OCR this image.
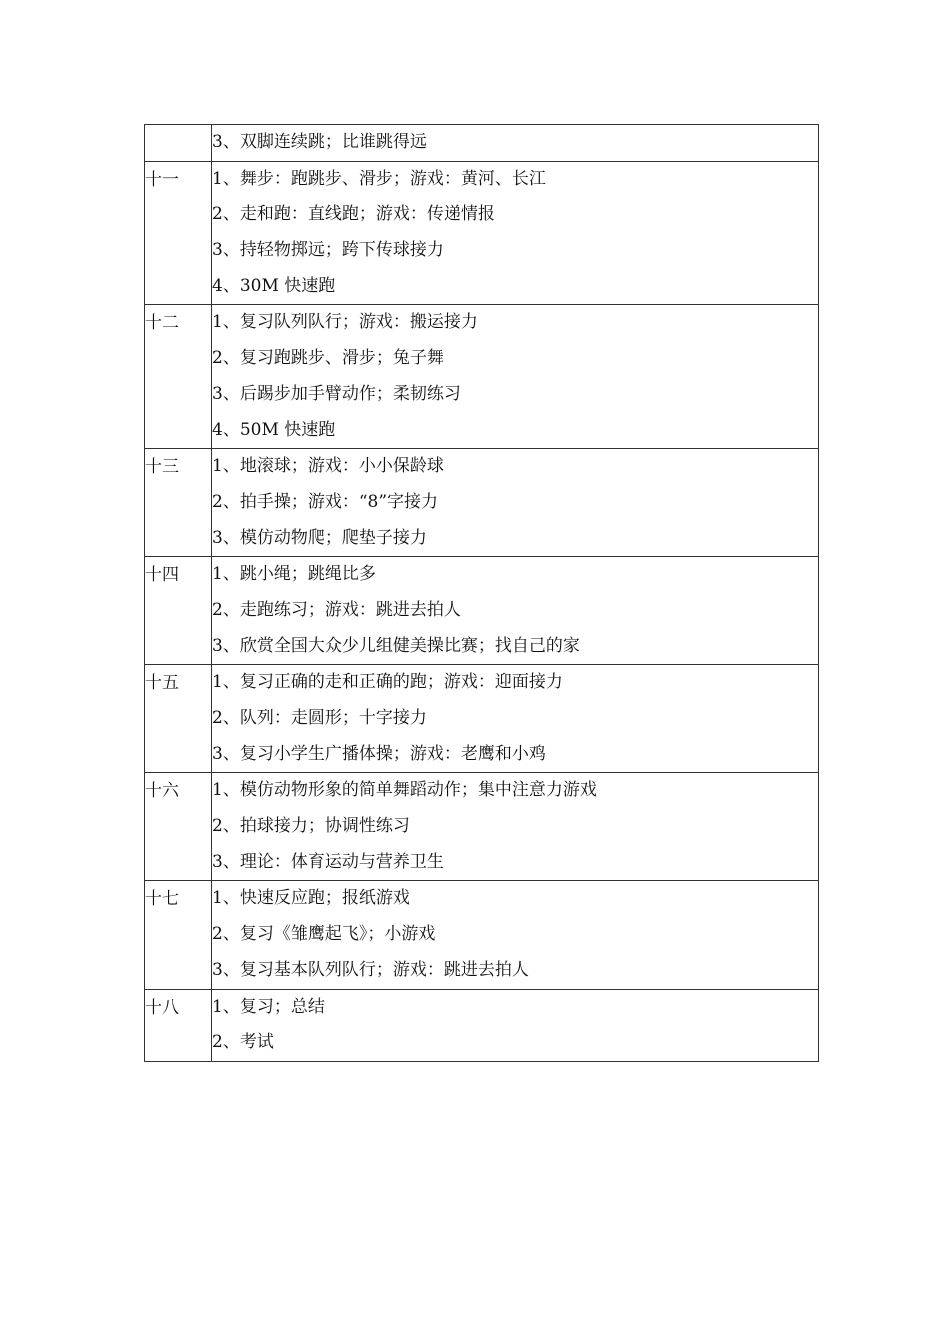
	3、双脚连续跳；比谁跳得远

十一	1、舞步：跑跳步、滑步；游戏：黄河、长江
2、走和跑：直线跑；游戏：传递情报
3、持轻物掷远；跨下传球接力
4、30M 快速跑

十二	1、复习队列队行；游戏：搬运接力
2、复习跑跳步、滑步；兔子舞
3、后踢步加手臂动作；柔韧练习
4、50M 快速跑

十三	1、地滚球；游戏：小小保龄球
2、拍手操；游戏：“8”字接力
3、模仿动物爬；爬垫子接力

十四	1、跳小绳；跳绳比多
2、走跑练习；游戏：跳进去拍人
3、欣赏全国大众少儿组健美操比赛；找自己的家

十五	1、复习正确的走和正确的跑；游戏：迎面接力
2、队列：走圆形；十字接力
3、复习小学生广播体操；游戏：老鹰和小鸡

十六	1、模仿动物形象的简单舞蹈动作；集中注意力游戏
2、拍球接力；协调性练习
3、理论：体育运动与营养卫生

十七	1、快速反应跑；报纸游戏
2、复习《雏鹰起飞》；小游戏
3、复习基本队列队行；游戏：跳进去拍人

十八	1、复习；总结
2、考试
